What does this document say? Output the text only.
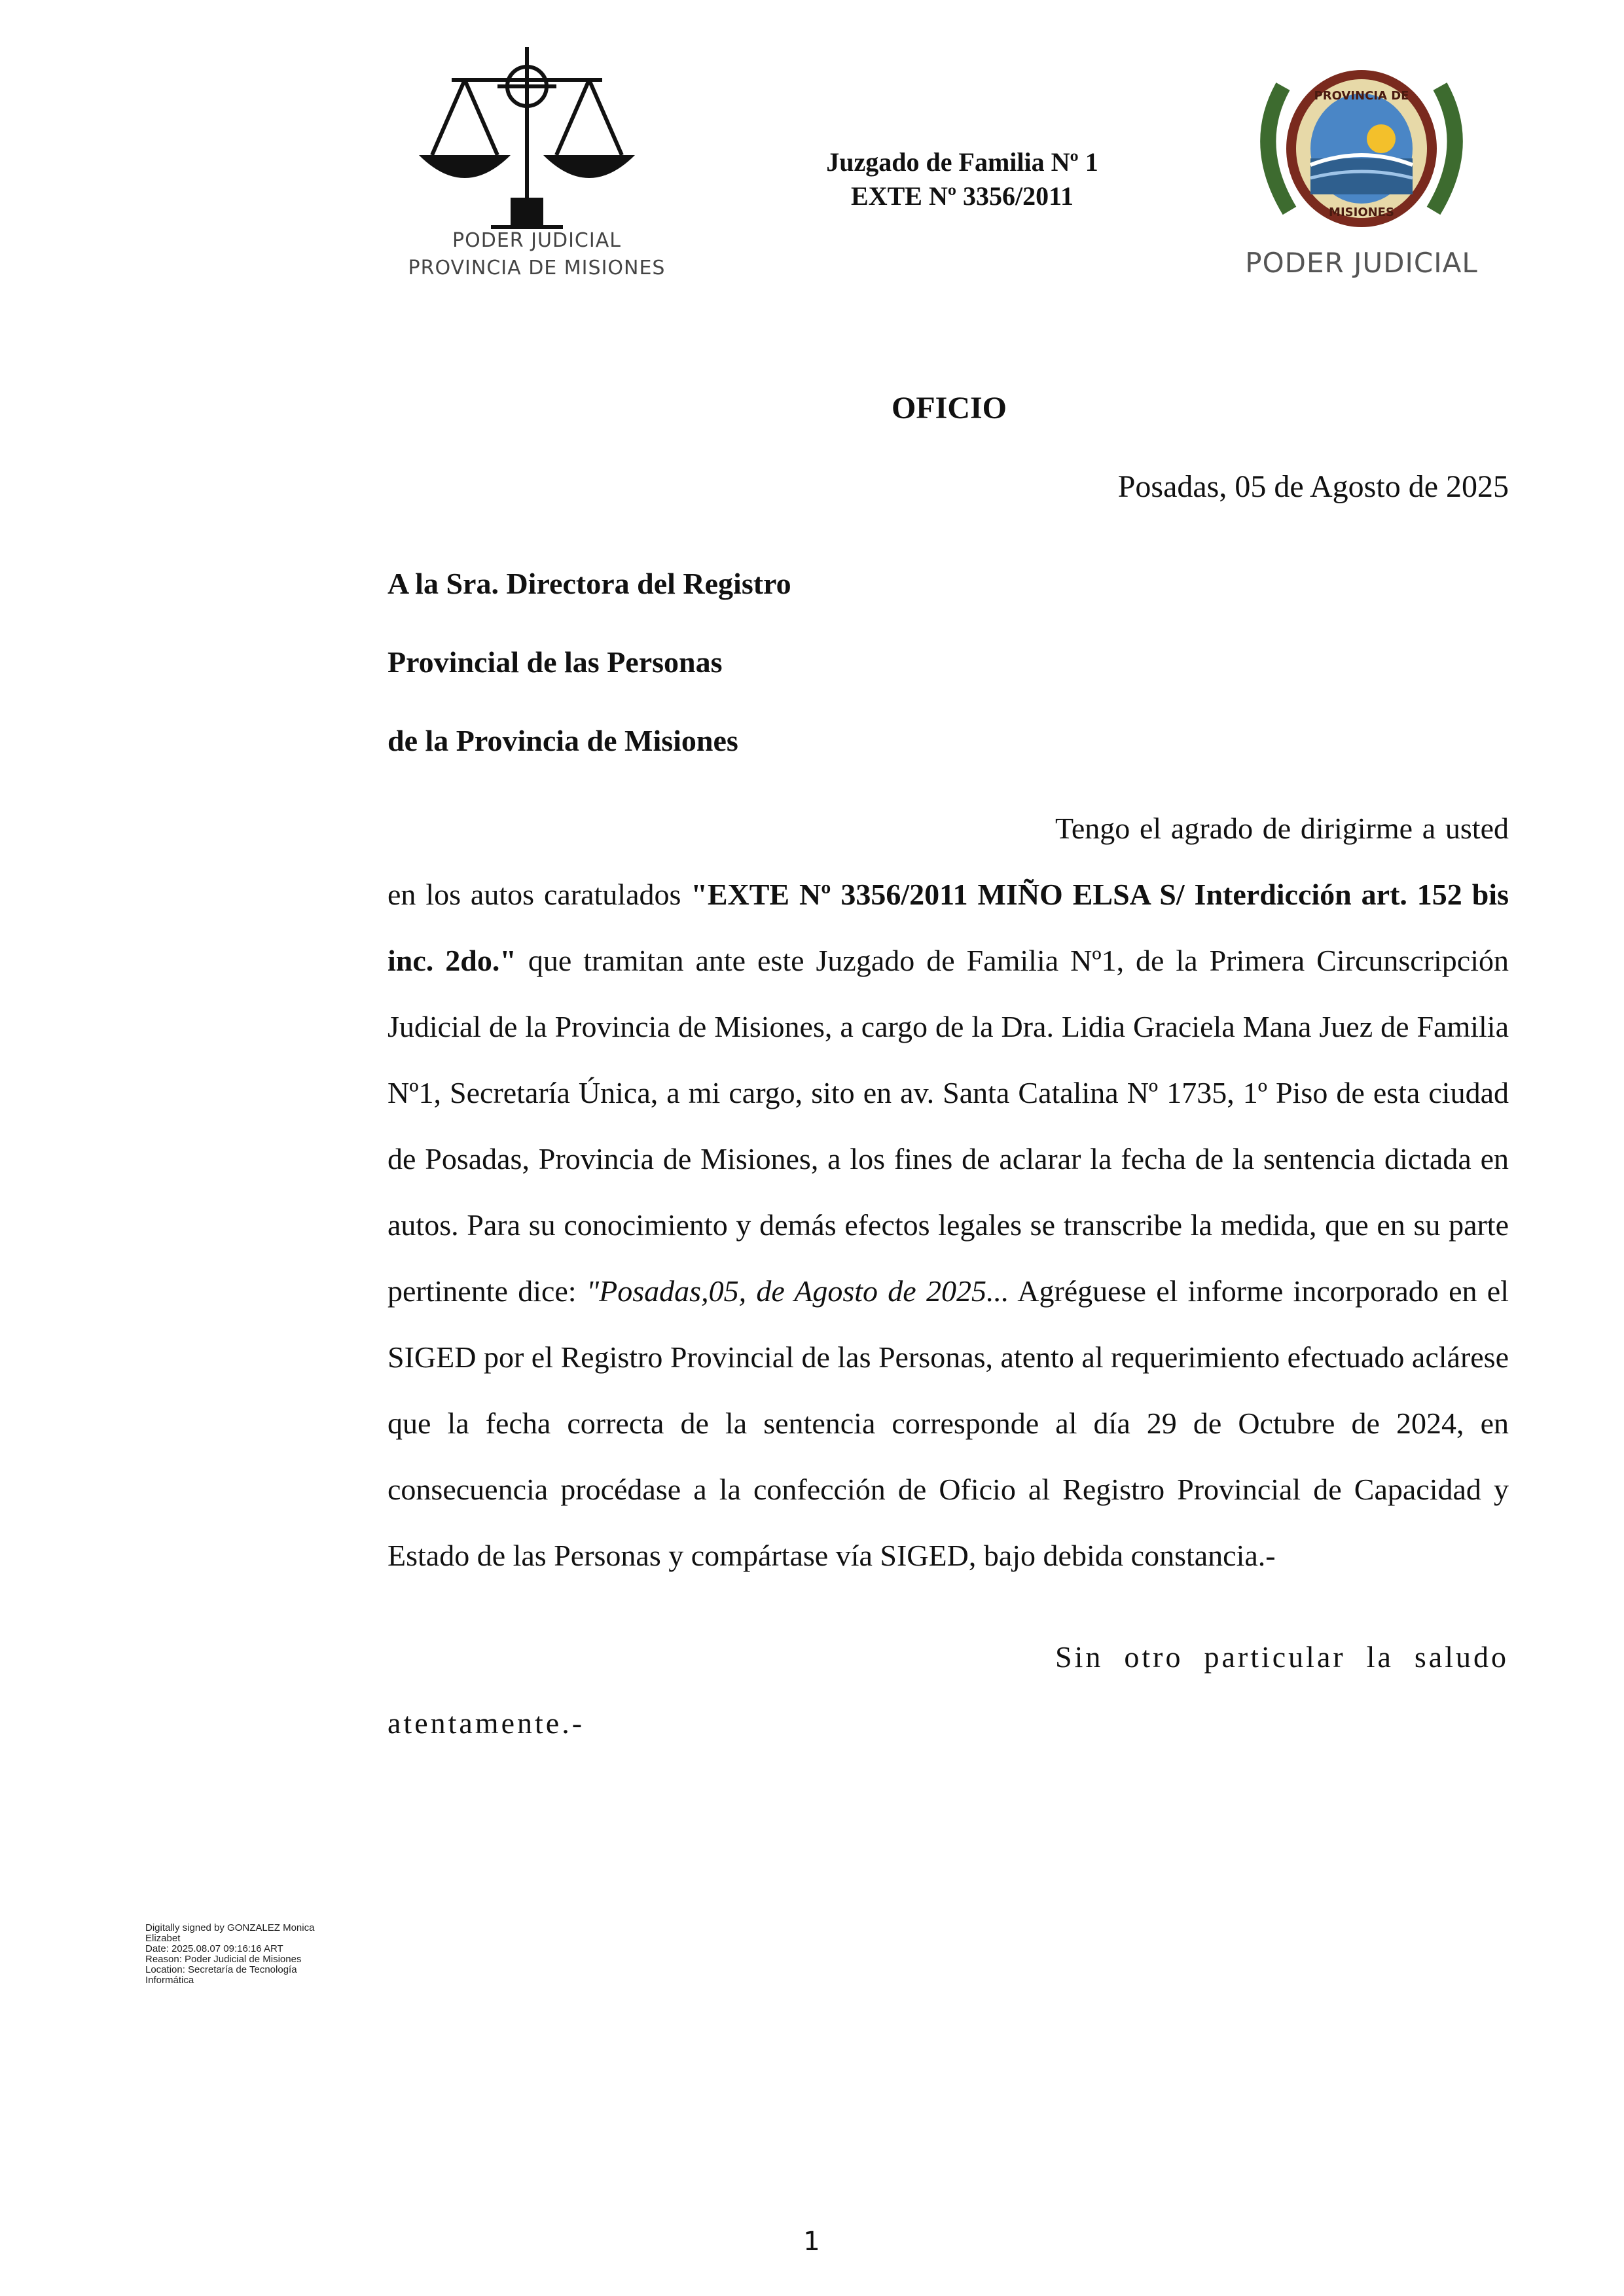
PODER JUDICIAL
PROVINCIA DE MISIONES
PROVINCIA DE
MISIONES
PODER JUDICIAL
Juzgado de Familia Nº 1
EXTE Nº 3356/2011
OFICIO
Posadas, 05 de Agosto de 2025
A la Sra. Directora del Registro
Provincial de las Personas
de la Provincia de Misiones

Tengo el agrado de dirigirme a usted en los autos caratulados "EXTE Nº 3356/2011 MIÑO ELSA S/ Interdicción art. 152 bis inc. 2do." que tramitan ante este Juzgado de Familia Nº1, de la Primera Circunscripción Judicial de la Provincia de Misiones, a cargo de la Dra. Lidia Graciela Mana Juez de Familia Nº1, Secretaría Única, a mi cargo, sito en av. Santa Catalina Nº 1735, 1º Piso de esta ciudad de Posadas, Provincia de Misiones, a los fines de aclarar la fecha de la sentencia dictada en autos. Para su conocimiento y demás efectos legales se transcribe la medida, que en su parte pertinente dice: "Posadas,05, de Agosto de 2025... Agréguese el informe incorporado en el SIGED por el Registro Provincial de las Personas, atento al requerimiento efectuado aclárese que la fecha correcta de la sentencia corresponde al día 29 de Octubre de 2024, en consecuencia procédase a la confección de Oficio al Registro Provincial de Capacidad y Estado de las Personas y compártase vía SIGED, bajo debida constancia.-

Sin otro particular la saludo atentamente.-

Digitally signed by GONZALEZ Monica
Elizabet
Date: 2025.08.07 09:16:16 ART
Reason: Poder Judicial de Misiones
Location: Secretaría de Tecnología
Informática
1
